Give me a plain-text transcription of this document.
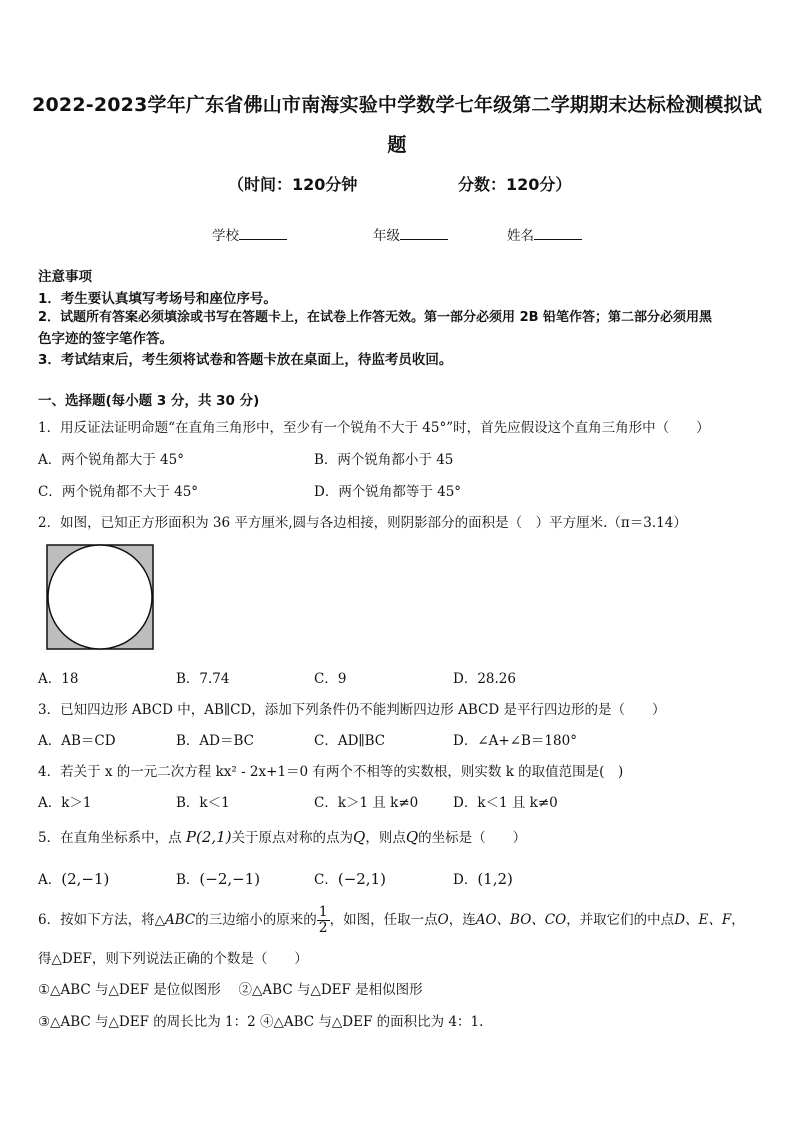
2022-2023学年广东省佛山市南海实验中学数学七年级第二学期期末达标检测模拟试
题
（时间：120分钟	分数：120分）
学校	年级	姓名
注意事项
1．考生要认真填写考场号和座位序号。
2．试题所有答案必须填涂或书写在答题卡上，在试卷上作答无效。第一部分必须用 2B 铅笔作答；第二部分必须用黑
色字迹的签字笔作答。
3．考试结束后，考生须将试卷和答题卡放在桌面上，待监考员收回。
一、选择题(每小题 3 分，共 30 分)
1．用反证法证明命题“在直角三角形中，至少有一个锐角不大于 45°”时，首先应假设这个直角三角形中（　　）
A．两个锐角都大于 45°	B．两个锐角都小于 45
C．两个锐角都不大于 45°	D．两个锐角都等于 45°
2．如图，已知正方形面积为 36 平方厘米,圆与各边相接，则阴影部分的面积是（　）平方厘米.（π＝3.14）
A．18	B．7.74	C．9	D．28.26
3．已知四边形 ABCD 中，AB∥CD，添加下列条件仍不能判断四边形 ABCD 是平行四边形的是（　　）
A．AB＝CD	B．AD＝BC	C．AD∥BC	D．∠A+∠B＝180°
4．若关于 x 的一元二次方程 kx² - 2x+1＝0 有两个不相等的实数根，则实数 k 的取值范围是(　)
A．k＞1	B．k＜1	C．k＞1 且 k≠0	D．k＜1 且 k≠0
5．在直角坐标系中，点 P(2,1)关于原点对称的点为Q，则点Q的坐标是（　　）
A．(2,−1)	B．(−2,−1)	C．(−2,1)	D．(1,2)
6．按如下方法，将△ABC的三边缩小的原来的 $\frac{1}{2}$ ，如图，任取一点O，连AO、BO、CO，并取它们的中点D、E、F，
得△DEF，则下列说法正确的个数是（　　）
①△ABC 与△DEF 是位似图形　 ②△ABC 与△DEF 是相似图形
③△ABC 与△DEF 的周长比为 1：2 ④△ABC 与△DEF 的面积比为 4：1.
